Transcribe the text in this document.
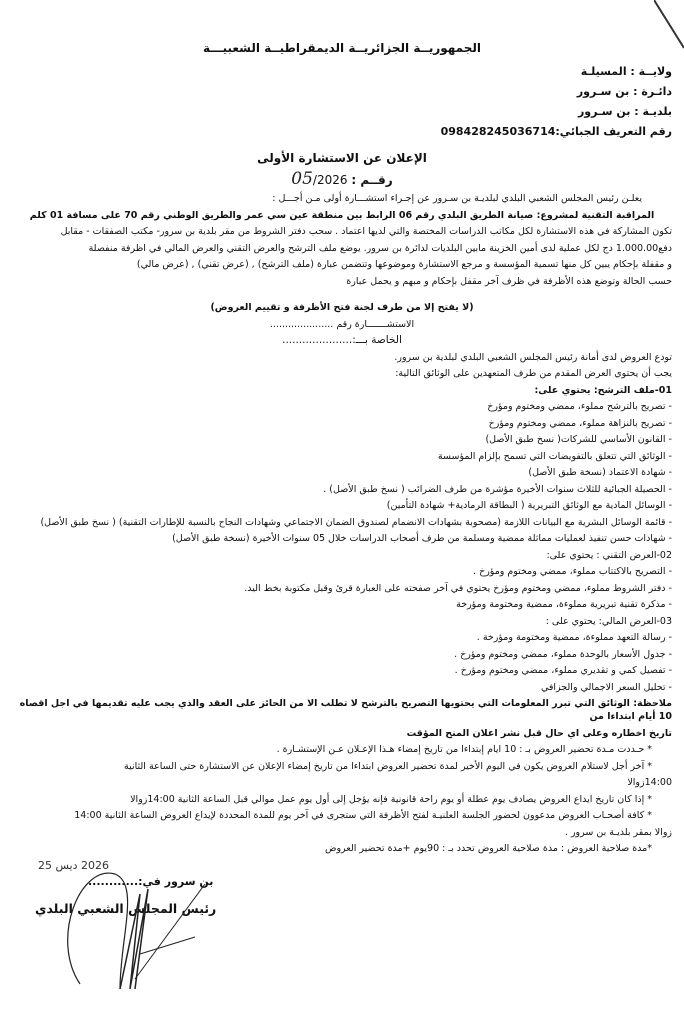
الجمهوريــة الجزائريــة الديمقراطيــة الشعبيـــة
ولايــة : المسيلـة
دائـرة : بن سـرور
بلديـة : بن سـرور
رقم التعريف الجبائي:098428245036714
الإعلان عن الاستشارة الأولى
رقــم : 05/2026
يعلـن رئيس المجلس الشعبي البلدي لبلديـة بن سـرور عن إجـراء استشـــارة أولى مـن أجـــل :
المراقبة التقنية لمشروع: صيانة الطريق البلدي رقم 06 الرابط بين منطقة عين سي عمر والطريق الوطني رقم 70 على مسافة 01 كلم
تكون المشاركة في هذه الاستشارة لكل مكاتب الدراسات المختصة والتي لديها اعتماد . سحب دفتر الشروط من مقر بلدية بن سرور- مكتب الصفقات - مقابل
دفع1.000.00 دج لكل عملية لدى أمين الخزينة مابين البلديات لدائرة بن سرور. يوضع ملف الترشح والعرض التقني والعرض المالي في اظرفة منفصلة
و مقفلة بإحكام يبين كل منها تسمية المؤسسة و مرجع الاستشارة وموضوعها وتتضمن عبارة (ملف الترشح) , (عرض تقني) , (عرض مالي)
حسب الحالة وتوضع هذه الأظرفة في ظرف آخر مقفل بإحكام و مبهم و يحمل عبارة
(لا يفتح إلا من طرف لجنة فتح الأظرفة و تقييم العروض)
الاستشـــــــارة رقم .....................
الخاصة بـــ:.....................
تودع العروض لدى أمانة رئيس المجلس الشعبي البلدي لبلدية بن سرور.
يجب أن يحتوي العرض المقدم من طرف المتعهدين على الوثائق التالية:
01-ملف الترشح: يحتوي على:
- تصريح بالترشح مملوء، ممضي ومختوم ومؤرخ
- تصريح بالنزاهة مملوء، ممضي ومختوم ومؤرخ
- القانون الأساسي للشركات( نسخ طبق الأصل)
- الوثائق التي تتعلق بالتفويضات التي تسمح بإلزام المؤسسة
- شهادة الاعتماد (نسخة طبق الأصل)
- الحصيلة الجبائية للثلاث سنوات الأخيرة مؤشرة من طرف الضرائب ( نسخ طبق الأصل) .
- الوسائل المادية مع الوثائق التبريرية ( البطاقة الرمادية+ شهادة التأمين)
- قائمة الوسائل البشرية مع البيانات اللازمة (مصحوبة بشهادات الانضمام لصندوق الضمان الاجتماعي وشهادات النجاح بالنسبة للإطارات التقنية) ( نسخ طبق الأصل)
- شهادات حسن تنفيذ لعمليات مماثلة ممضية ومسلمة من طرف أصحاب الدراسات خلال 05 سنوات الأخيرة (نسخة طبق الأصل)
02-العرض التقني : يحتوي على:
- التصريح بالاكتتاب مملوء، ممضي ومختوم ومؤرخ .
- دفتر الشروط مملوء، ممضي ومختوم ومؤرخ يحتوي في آخر صفحته على العبارة قرئ وقبل مكتوبة بخط اليد.
- مذكرة تقنية تبريرية مملوءة، ممضية ومختومة ومؤرخة
03-العرض المالي: يحتوي على :
- رسالة التعهد مملوءة، ممضية ومختومة ومؤرخة .
- جدول الأسعار بالوحدة مملوء، ممضي ومختوم ومؤرخ .
- تفصيل كمي و تقديري مملوء، ممضي ومختوم ومؤرخ .
- تحليل السعر الاجمالي والجزافي
ملاحظة: الوثائق التي تبرر المعلومات التي يحتويها التصريح بالترشح لا تطلب الا من الحائز على العقد والذي يجب عليه تقديمها في اجل اقصاه 10 أيام ابتداءا من
تاريخ اخطاره وعلى اي حال قبل نشر اعلان المنح المؤقت
* حـددت مـدة تحضير العروض بـ : 10 ايام إبتداءا من تاريخ إمضاء هـذا الإعـلان عـن الإستشـارة .
* آخر أجل لاستلام العروض يكون في اليوم الأخير لمدة تحضير العروض ابتداءا من تاريخ إمضاء الإعلان عن الاستشارة حتى الساعة الثانية
14:00زوالا
* إذا كان تاريخ ايداع العروض يصادف يوم عطلة أو يوم راحة قانونية فإنه يؤجل إلى أول يوم عمل موالي قبل الساعة الثانية 14:00زوالا
* كافة أصحـاب العروض مدعوون لحضور الجلسة العلنيـة لفتح الأظرفة التي ستجرى في آخر يوم للمدة المحددة لإيداع العروض الساعة الثانية 14:00
زوالا بمقر بلديـة بن سرور .
*مدة صلاحية العروض : مدة صلاحية العروض تحدد بـ : 90يوم +مدة تحضير العروض
2026 دیس 25
بن سرور في:............
رئيس المجلس الشعبي البلدي
